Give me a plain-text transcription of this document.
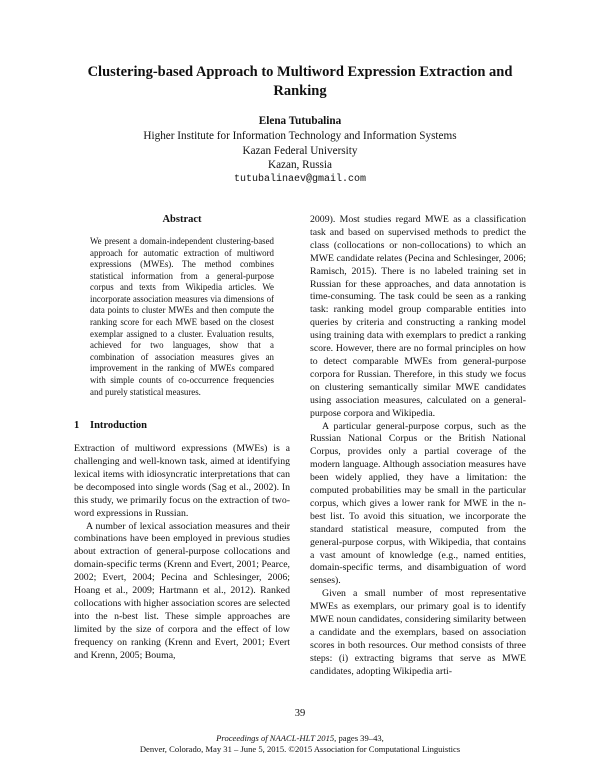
Clustering-based Approach to Multiword Expression Extraction and Ranking
Elena Tutubalina
Higher Institute for Information Technology and Information Systems
Kazan Federal University
Kazan, Russia
tutubalinaev@gmail.com
Abstract
We present a domain-independent clustering-based approach for automatic extraction of multiword expressions (MWEs). The method combines statistical information from a general-purpose corpus and texts from Wikipedia articles. We incorporate association measures via dimensions of data points to cluster MWEs and then compute the ranking score for each MWE based on the closest exemplar assigned to a cluster. Evaluation results, achieved for two languages, show that a combination of association measures gives an improvement in the ranking of MWEs compared with simple counts of co-occurrence frequencies and purely statistical measures.
1 Introduction

Extraction of multiword expressions (MWEs) is a challenging and well-known task, aimed at identifying lexical items with idiosyncratic interpretations that can be decomposed into single words (Sag et al., 2002). In this study, we primarily focus on the extraction of two-word expressions in Russian.

A number of lexical association measures and their combinations have been employed in previous studies about extraction of general-purpose collocations and domain-specific terms (Krenn and Evert, 2001; Pearce, 2002; Evert, 2004; Pecina and Schlesinger, 2006; Hoang et al., 2009; Hartmann et al., 2012). Ranked collocations with higher association scores are selected into the n-best list. These simple approaches are limited by the size of corpora and the effect of low frequency on ranking (Krenn and Evert, 2001; Evert and Krenn, 2005; Bouma,

2009). Most studies regard MWE as a classification task and based on supervised methods to predict the class (collocations or non-collocations) to which an MWE candidate relates (Pecina and Schlesinger, 2006; Ramisch, 2015). There is no labeled training set in Russian for these approaches, and data annotation is time-consuming. The task could be seen as a ranking task: ranking model group comparable entities into queries by criteria and constructing a ranking model using training data with exemplars to predict a ranking score. However, there are no formal principles on how to detect comparable MWEs from general-purpose corpora for Russian. Therefore, in this study we focus on clustering semantically similar MWE candidates using association measures, calculated on a general-purpose corpora and Wikipedia.

A particular general-purpose corpus, such as the Russian National Corpus or the British National Corpus, provides only a partial coverage of the modern language. Although association measures have been widely applied, they have a limitation: the computed probabilities may be small in the particular corpus, which gives a lower rank for MWE in the n-best list. To avoid this situation, we incorporate the standard statistical measure, computed from the general-purpose corpus, with Wikipedia, that contains a vast amount of knowledge (e.g., named entities, domain-specific terms, and disambiguation of word senses).

Given a small number of most representative MWEs as exemplars, our primary goal is to identify MWE noun candidates, considering similarity between a candidate and the exemplars, based on association scores in both resources. Our method consists of three steps: (i) extracting bigrams that serve as MWE candidates, adopting Wikipedia arti-

39
Proceedings of NAACL-HLT 2015, pages 39–43,
Denver, Colorado, May 31 – June 5, 2015. ©2015 Association for Computational Linguistics
